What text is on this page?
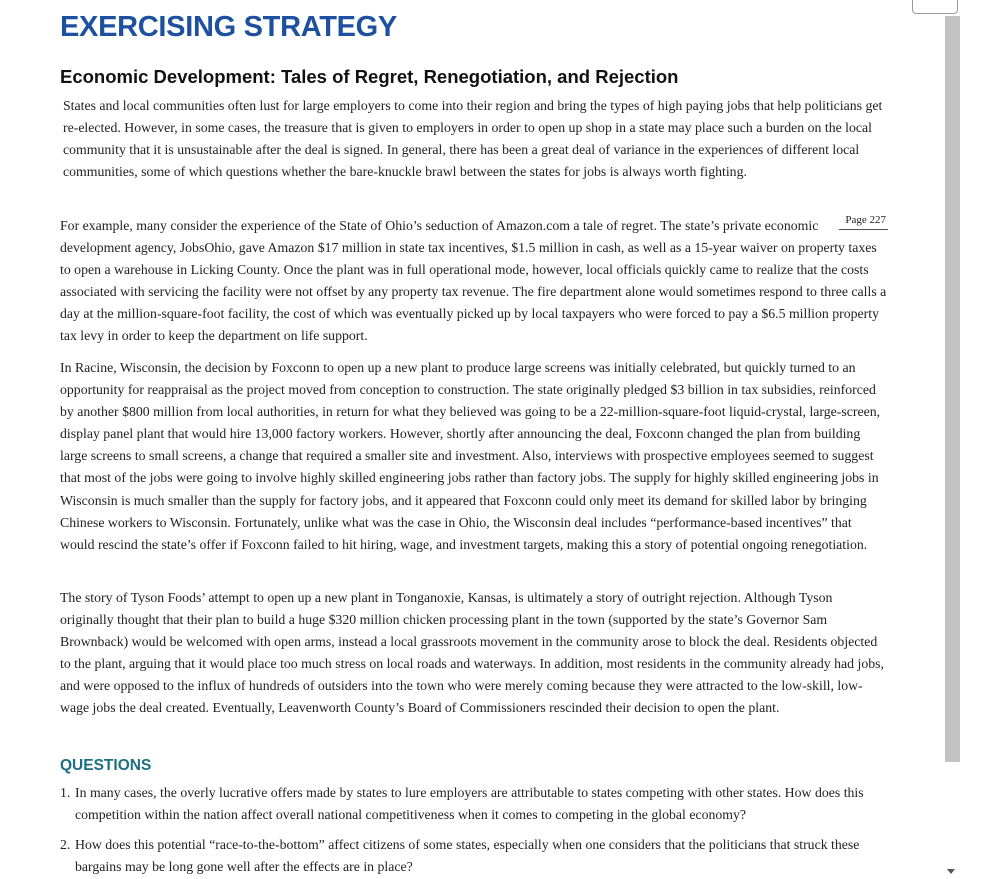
EXERCISING STRATEGY
Economic Development: Tales of Regret, Renegotiation, and Rejection

States and local communities often lust for large employers to come into their region and bring the types of high paying jobs that help politicians get re-elected. However, in some cases, the treasure that is given to employers in order to open up shop in a state may place such a burden on the local community that it is unsustainable after the deal is signed. In general, there has been a great deal of variance in the experiences of different local communities, some of which questions whether the bare-knuckle brawl between the states for jobs is always worth fighting.

Page 227
For example, many consider the experience of the State of Ohio’s seduction of Amazon.com a tale of regret. The state’s private economic development agency, JobsOhio, gave Amazon $17 million in state tax incentives, $1.5 million in cash, as well as a 15-year waiver on property taxes to open a warehouse in Licking County. Once the plant was in full operational mode, however, local officials quickly came to realize that the costs associated with servicing the facility were not offset by any property tax revenue. The fire department alone would sometimes respond to three calls a day at the million-square-foot facility, the cost of which was eventually picked up by local taxpayers who were forced to pay a $6.5 million property tax levy in order to keep the department on life support.

In Racine, Wisconsin, the decision by Foxconn to open up a new plant to produce large screens was initially celebrated, but quickly turned to an opportunity for reappraisal as the project moved from conception to construction. The state originally pledged $3 billion in tax subsidies, reinforced by another $800 million from local authorities, in return for what they believed was going to be a 22-million-square-foot liquid-crystal, large-screen, display panel plant that would hire 13,000 factory workers. However, shortly after announcing the deal, Foxconn changed the plan from building large screens to small screens, a change that required a smaller site and investment. Also, interviews with prospective employees seemed to suggest that most of the jobs were going to involve highly skilled engineering jobs rather than factory jobs. The supply for highly skilled engineering jobs in Wisconsin is much smaller than the supply for factory jobs, and it appeared that Foxconn could only meet its demand for skilled labor by bringing Chinese workers to Wisconsin. Fortunately, unlike what was the case in Ohio, the Wisconsin deal includes “performance-based incentives” that would rescind the state’s offer if Foxconn failed to hit hiring, wage, and investment targets, making this a story of potential ongoing renegotiation.

The story of Tyson Foods’ attempt to open up a new plant in Tonganoxie, Kansas, is ultimately a story of outright rejection. Although Tyson originally thought that their plan to build a huge $320 million chicken processing plant in the town (supported by the state’s Governor Sam Brownback) would be welcomed with open arms, instead a local grassroots movement in the community arose to block the deal. Residents objected to the plant, arguing that it would place too much stress on local roads and waterways. In addition, most residents in the community already had jobs, and were opposed to the influx of hundreds of outsiders into the town who were merely coming because they were attracted to the low-skill, low-wage jobs the deal created. Eventually, Leavenworth County’s Board of Commissioners rescinded their decision to open the plant.

QUESTIONS
1. In many cases, the overly lucrative offers made by states to lure employers are attributable to states competing with other states. How does this competition within the nation affect overall national competitiveness when it comes to competing in the global economy?
2. How does this potential “race-to-the-bottom” affect citizens of some states, especially when one considers that the politicians that struck these bargains may be long gone well after the effects are in place?
